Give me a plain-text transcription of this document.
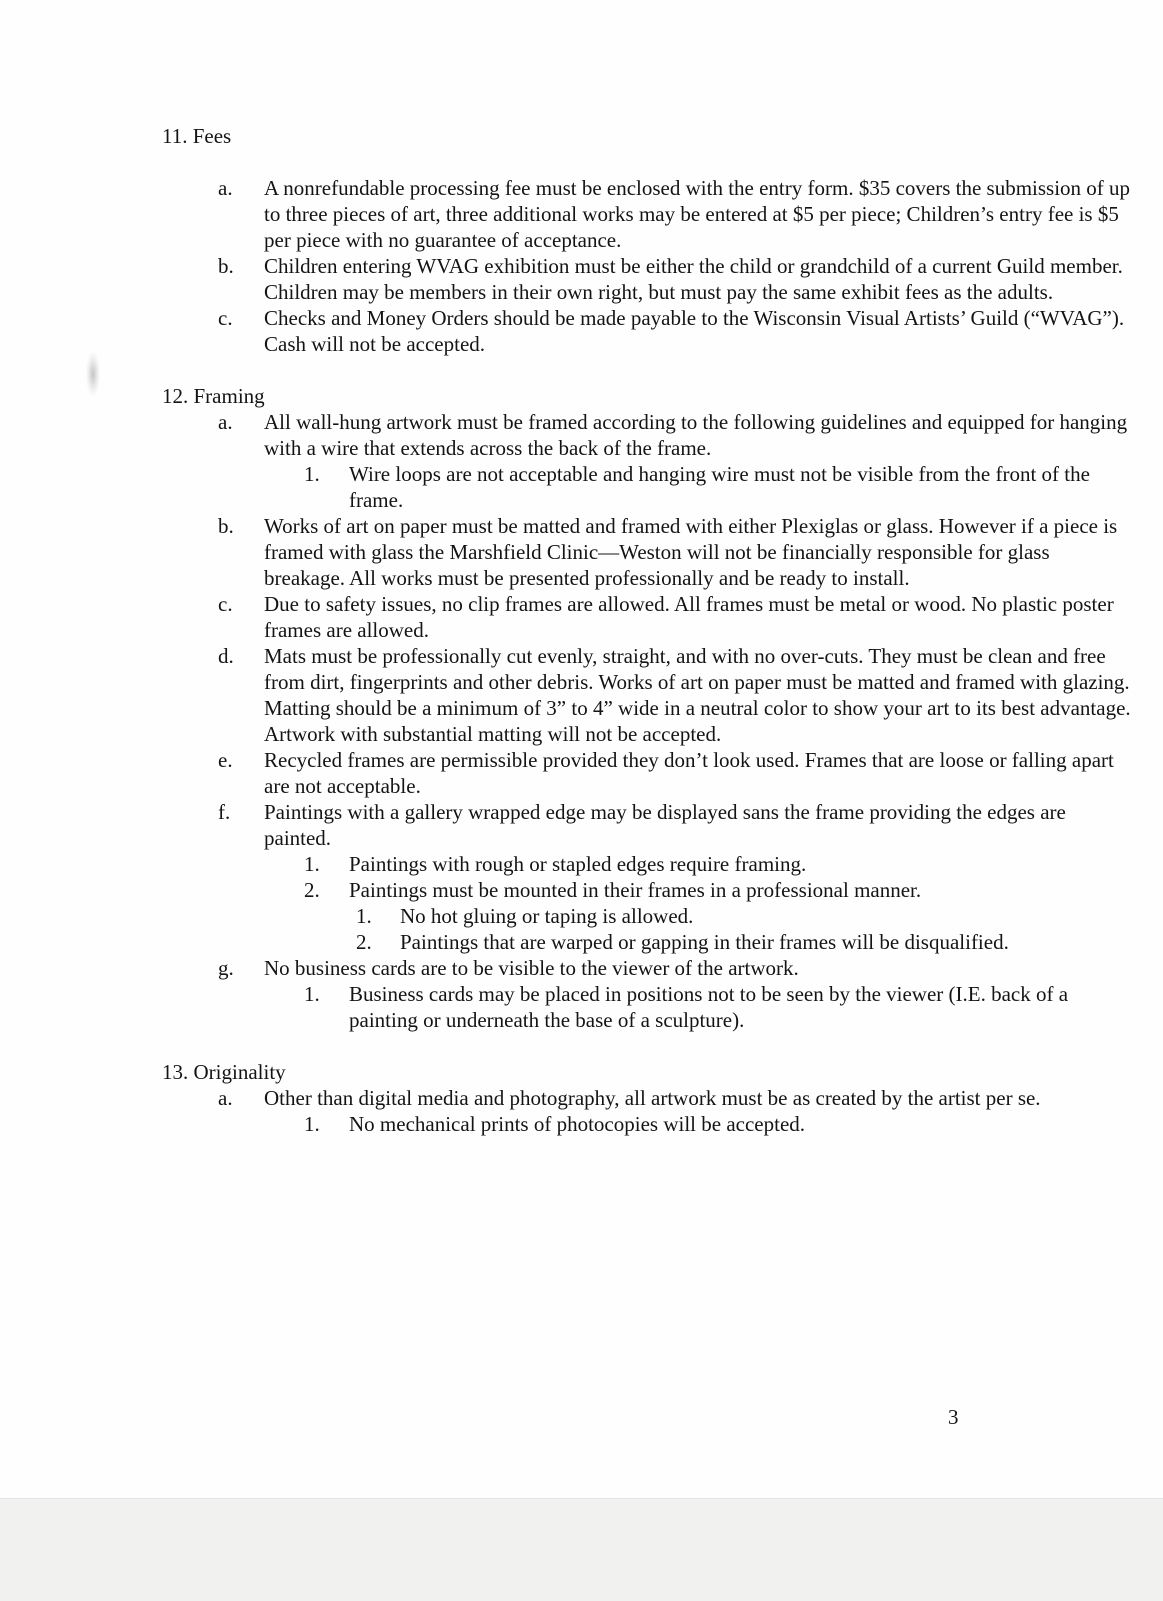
11. Fees

a.	A nonrefundable processing fee must be enclosed with the entry form. $35 covers the submission of up to three pieces of art, three additional works may be entered at $5 per piece; Children’s entry fee is $5 per piece with no guarantee of acceptance.

b.	Children entering WVAG exhibition must be either the child or grandchild of a current Guild member. Children may be members in their own right, but must pay the same exhibit fees as the adults.

c.	Checks and Money Orders should be made payable to the Wisconsin Visual Artists’ Guild (“WVAG”). Cash will not be accepted.

12. Framing

a.	All wall-hung artwork must be framed according to the following guidelines and equipped for hanging with a wire that extends across the back of the frame.

1.	Wire loops are not acceptable and hanging wire must not be visible from the front of the frame.

b.	Works of art on paper must be matted and framed with either Plexiglas or glass. However if a piece is framed with glass the Marshfield Clinic—Weston will not be financially responsible for glass breakage. All works must be presented professionally and be ready to install.

c.	Due to safety issues, no clip frames are allowed. All frames must be metal or wood. No plastic poster frames are allowed.

d.	Mats must be professionally cut evenly, straight, and with no over-cuts. They must be clean and free from dirt, fingerprints and other debris. Works of art on paper must be matted and framed with glazing. Matting should be a minimum of 3” to 4” wide in a neutral color to show your art to its best advantage. Artwork with substantial matting will not be accepted.

e.	Recycled frames are permissible provided they don’t look used. Frames that are loose or falling apart are not acceptable.

f.	Paintings with a gallery wrapped edge may be displayed sans the frame providing the edges are painted.

1.	Paintings with rough or stapled edges require framing.

2.	Paintings must be mounted in their frames in a professional manner.

1.	No hot gluing or taping is allowed.

2.	Paintings that are warped or gapping in their frames will be disqualified.

g.	No business cards are to be visible to the viewer of the artwork.

1.	Business cards may be placed in positions not to be seen by the viewer (I.E. back of a painting or underneath the base of a sculpture).

13. Originality

a.	Other than digital media and photography, all artwork must be as created by the artist per se.

1.	No mechanical prints of photocopies will be accepted.

3
